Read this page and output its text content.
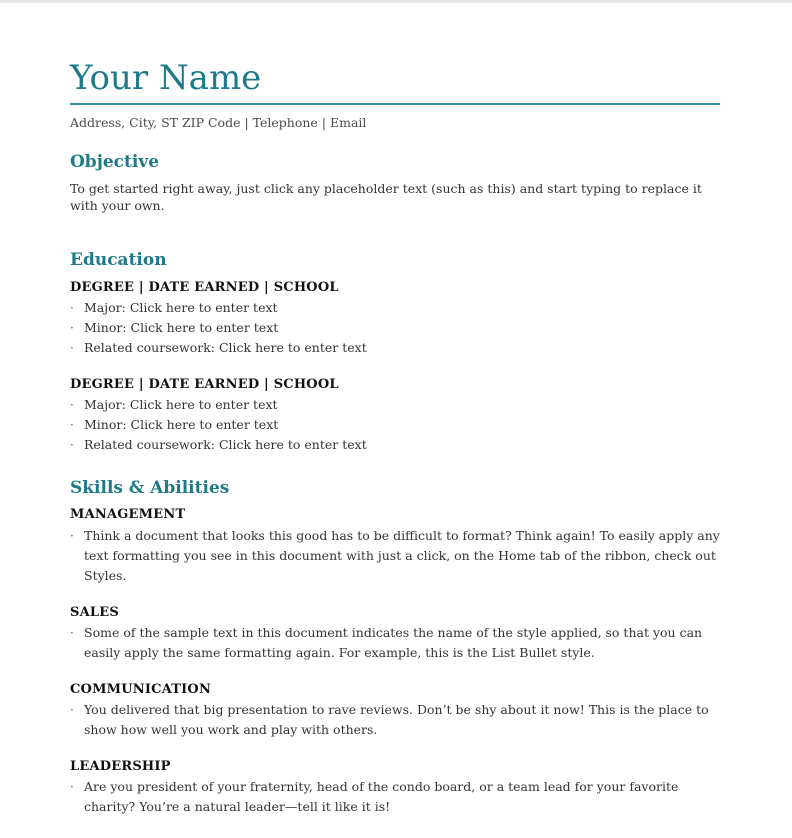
Your Name
Address, City, ST ZIP Code | Telephone | Email
Objective
To get started right away, just click any placeholder text (such as this) and start typing to replace it with your own.
Education
DEGREE | DATE EARNED | SCHOOL
· Major: Click here to enter text
· Minor: Click here to enter text
· Related coursework: Click here to enter text
DEGREE | DATE EARNED | SCHOOL
· Major: Click here to enter text
· Minor: Click here to enter text
· Related coursework: Click here to enter text
Skills & Abilities
MANAGEMENT
· Think a document that looks this good has to be difficult to format? Think again! To easily apply any text formatting you see in this document with just a click, on the Home tab of the ribbon, check out Styles.
SALES
· Some of the sample text in this document indicates the name of the style applied, so that you can easily apply the same formatting again. For example, this is the List Bullet style.
COMMUNICATION
· You delivered that big presentation to rave reviews. Don’t be shy about it now! This is the place to show how well you work and play with others.
LEADERSHIP
· Are you president of your fraternity, head of the condo board, or a team lead for your favorite charity? You’re a natural leader—tell it like it is!
